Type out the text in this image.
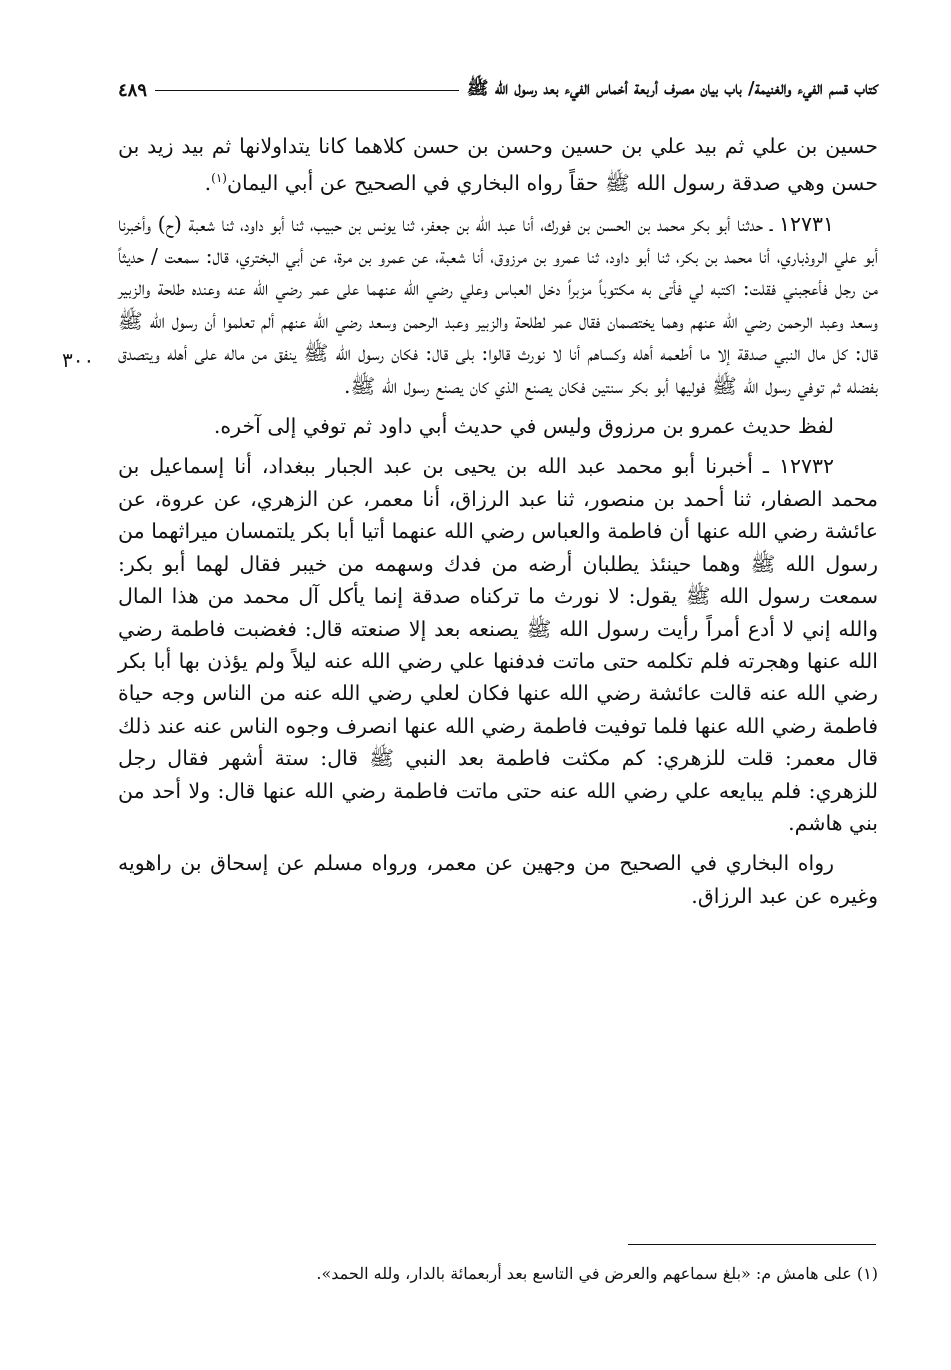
كتاب قسم الفيء والغنيمة/ باب بيان مصرف أربعة أخماس الفيء بعد رسول الله ﷺ
٤٨٩
٣٠٠

حسين بن علي ثم بيد علي بن حسين وحسن بن حسن كلاهما كانا يتداولانها ثم بيد زيد بن حسن وهي صدقة رسول الله ﷺ حقاً رواه البخاري في الصحيح عن أبي اليمان$^{(١)}$.

١٢٧٣١ ـ حدثنا أبو بكر محمد بن الحسن بن فورك، أنا عبد الله بن جعفر، ثنا يونس بن حبيب، ثنا أبو داود، ثنا شعبة (ح) وأخبرنا أبو علي الروذباري، أنا محمد بن بكر، ثنا أبو داود، ثنا عمرو بن مرزوق، أنا شعبة، عن عمرو بن مرة، عن أبي البختري، قال: سمعت / حديثاً من رجل فأعجبني فقلت: اكتبه لي فأتى به مكتوباً مزبراً دخل العباس وعلي رضي الله عنهما على عمر رضي الله عنه وعنده طلحة والزبير وسعد وعبد الرحمن رضي الله عنهم وهما يختصمان فقال عمر لطلحة والزبير وعبد الرحمن وسعد رضي الله عنهم ألم تعلموا أن رسول الله ﷺ قال: كل مال النبي صدقة إلا ما أطعمه أهله وكساهم أنا لا نورث قالوا: بلى قال: فكان رسول الله ﷺ ينفق من ماله على أهله ويتصدق بفضله ثم توفي رسول الله ﷺ فوليها أبو بكر سنتين فكان يصنع الذي كان يصنع رسول الله ﷺ.

لفظ حديث عمرو بن مرزوق وليس في حديث أبي داود ثم توفي إلى آخره.

١٢٧٣٢ ـ أخبرنا أبو محمد عبد الله بن يحيى بن عبد الجبار ببغداد، أنا إسماعيل بن محمد الصفار، ثنا أحمد بن منصور، ثنا عبد الرزاق، أنا معمر، عن الزهري، عن عروة، عن عائشة رضي الله عنها أن فاطمة والعباس رضي الله عنهما أتيا أبا بكر يلتمسان ميراثهما من رسول الله ﷺ وهما حينئذ يطلبان أرضه من فدك وسهمه من خيبر فقال لهما أبو بكر: سمعت رسول الله ﷺ يقول: لا نورث ما تركناه صدقة إنما يأكل آل محمد من هذا المال والله إني لا أدع أمراً رأيت رسول الله ﷺ يصنعه بعد إلا صنعته قال: فغضبت فاطمة رضي الله عنها وهجرته فلم تكلمه حتى ماتت فدفنها علي رضي الله عنه ليلاً ولم يؤذن بها أبا بكر رضي الله عنه قالت عائشة رضي الله عنها فكان لعلي رضي الله عنه من الناس وجه حياة فاطمة رضي الله عنها فلما توفيت فاطمة رضي الله عنها انصرف وجوه الناس عنه عند ذلك قال معمر: قلت للزهري: كم مكثت فاطمة بعد النبي ﷺ قال: ستة أشهر فقال رجل للزهري: فلم يبايعه علي رضي الله عنه حتى ماتت فاطمة رضي الله عنها قال: ولا أحد من بني هاشم.

رواه البخاري في الصحيح من وجهين عن معمر، ورواه مسلم عن إسحاق بن راهويه وغيره عن عبد الرزاق.

(١) على هامش م: «بلغ سماعهم والعرض في التاسع بعد أربعمائة بالدار، ولله الحمد».
